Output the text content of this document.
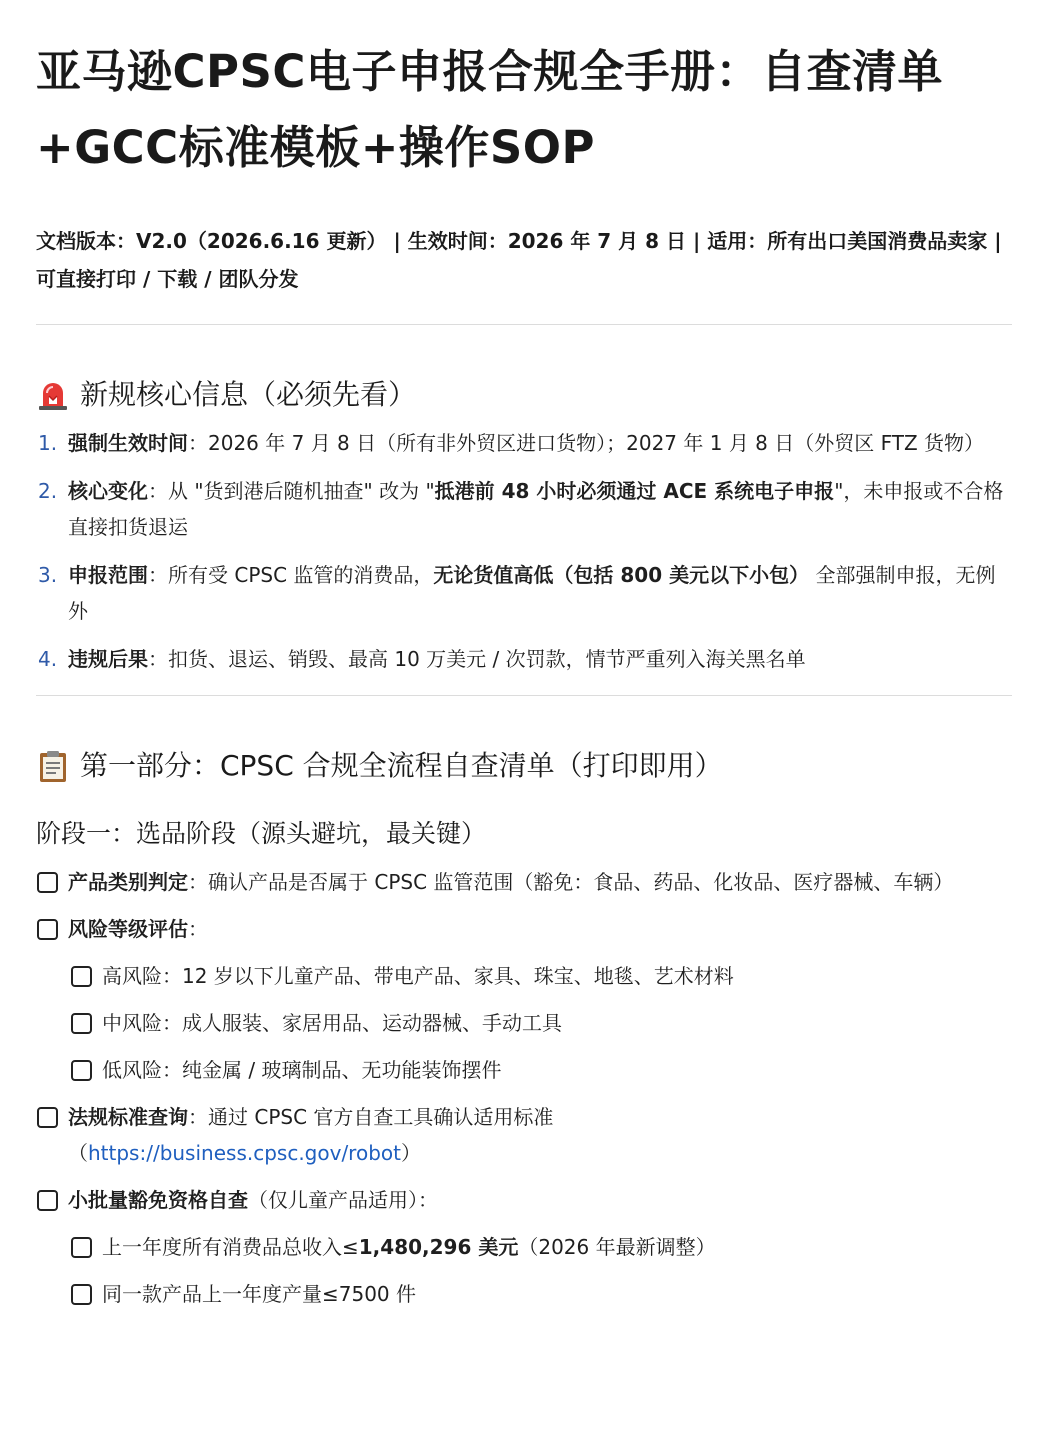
亚马逊CPSC电子申报合规全手册：自查清单+GCC标准模板+操作SOP
文档版本：V2.0（2026.6.16 更新） | 生效时间：2026 年 7 月 8 日 | 适用：所有出口美国消费品卖家 | 可直接打印 / 下载 / 团队分发
新规核心信息（必须先看）
1. 强制生效时间：2026 年 7 月 8 日（所有非外贸区进口货物）；2027 年 1 月 8 日（外贸区 FTZ 货物）
2. 核心变化：从 "货到港后随机抽查" 改为 "抵港前 48 小时必须通过 ACE 系统电子申报"，未申报或不合格直接扣货退运
3. 申报范围：所有受 CPSC 监管的消费品，无论货值高低（包括 800 美元以下小包） 全部强制申报，无例外
4. 违规后果：扣货、退运、销毁、最高 10 万美元 / 次罚款，情节严重列入海关黑名单
第一部分：CPSC 合规全流程自查清单（打印即用）
阶段一：选品阶段（源头避坑，最关键）
产品类别判定：确认产品是否属于 CPSC 监管范围（豁免：食品、药品、化妆品、医疗器械、车辆）
风险等级评估：
高风险：12 岁以下儿童产品、带电产品、家具、珠宝、地毯、艺术材料
中风险：成人服装、家居用品、运动器械、手动工具
低风险：纯金属 / 玻璃制品、无功能装饰摆件
法规标准查询：通过 CPSC 官方自查工具确认适用标准
（https://business.cpsc.gov/robot）
小批量豁免资格自查（仅儿童产品适用）：
上一年度所有消费品总收入≤1,480,296 美元（2026 年最新调整）
同一款产品上一年度产量≤7500 件
